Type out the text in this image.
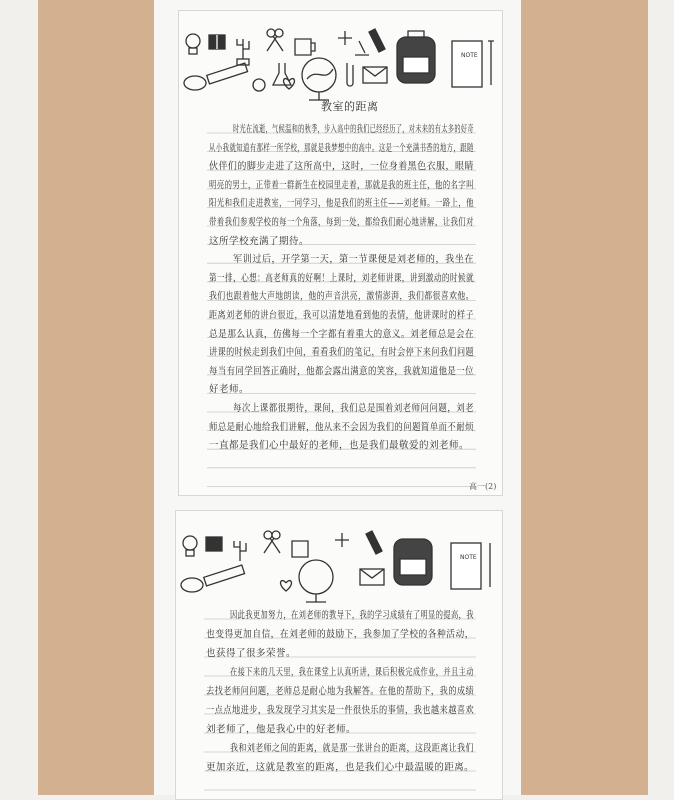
NOTE
教室的距离
时光在流逝，气候温和的秋季，步入高中的我们已经经历了，对未来的有太多的好奇
从小我就知道有那样一所学校，那就是我梦想中的高中。这是一个充满书香的地方，跟随
伙伴们的脚步走进了这所高中，这时，一位身着黑色衣服，眼睛
明亮的男士，正带着一群新生在校园里走着，那就是我的班主任，他的名字叫
阳光和我们走进教室，一同学习，他是我们的班主任——刘老师。一路上，他
带着我们参观学校的每一个角落，每到一处，都给我们耐心地讲解，让我们对
这所学校充满了期待。
军训过后，开学第一天，第一节课便是刘老师的，我坐在
第一排，心想：高老师真的好啊！上课时，刘老师讲课，讲到激动的时候就
我们也跟着他大声地朗读，他的声音洪亮，激情澎湃，我们都很喜欢他。
距离刘老师的讲台很近，我可以清楚地看到他的表情，他讲课时的样子
总是那么认真，仿佛每一个字都有着重大的意义。刘老师总是会在
讲课的时候走到我们中间，看看我们的笔记，有时会停下来问我们问题
每当有同学回答正确时，他都会露出满意的笑容，我就知道他是一位
好老师。
每次上课都很期待，课间，我们总是围着刘老师问问题，刘老
师总是耐心地给我们讲解，他从来不会因为我们的问题简单而不耐烦
一直都是我们心中最好的老师，也是我们最敬爱的刘老师。
高一(2)
NOTE
因此我更加努力，在刘老师的教导下，我的学习成绩有了明显的提高，我
也变得更加自信，在刘老师的鼓励下，我参加了学校的各种活动，
也获得了很多荣誉。
在接下来的几天里，我在课堂上认真听讲，课后积极完成作业，并且主动
去找老师问问题，老师总是耐心地为我解答。在他的帮助下，我的成绩
一点点地进步，我发现学习其实是一件很快乐的事情，我也越来越喜欢
刘老师了，他是我心中的好老师。
我和刘老师之间的距离，就是那一张讲台的距离，这段距离让我们
更加亲近，这就是教室的距离，也是我们心中最温暖的距离。
